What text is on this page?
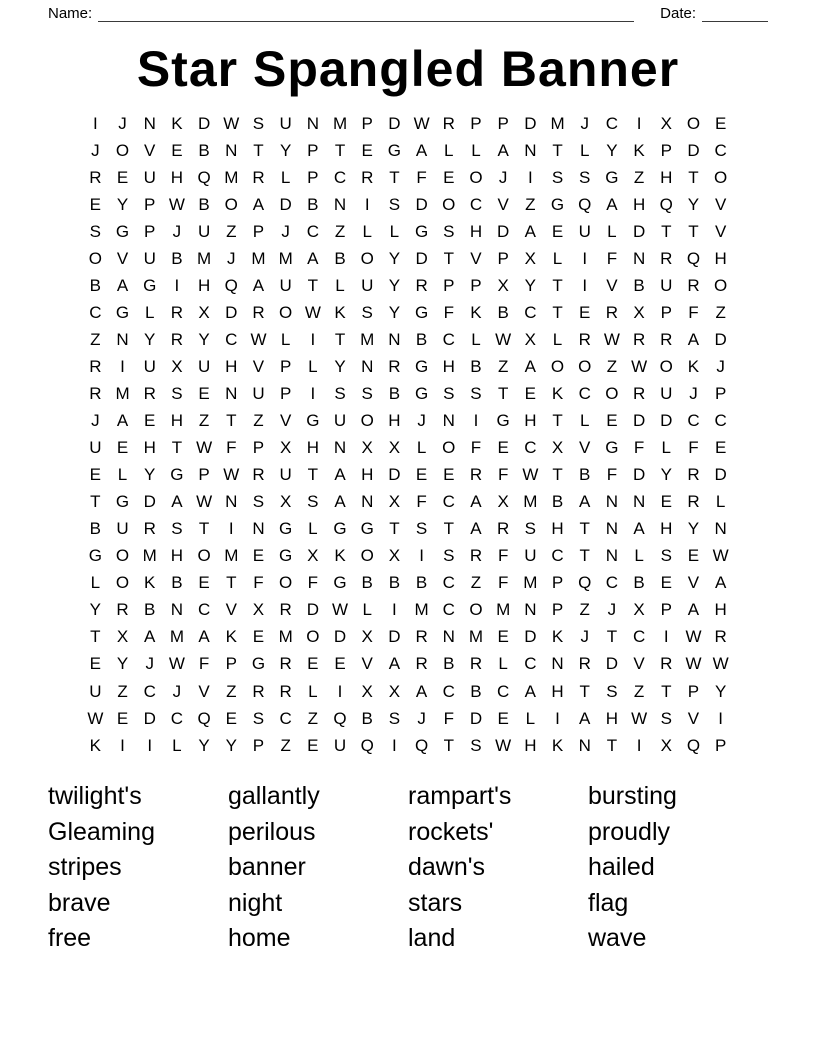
Name:	Date:
Star Spangled Banner
I	J N K D W S U N M P D W R P P D M J C	I	X O E
J O V E B N T Y P T E G A L	L A N T	L Y K P D C
R E U H Q M R L P C R T F E O J	I	S S G Z H T O
E Y P W B O A D B N	I	S D O C V Z G Q A H Q Y V
S G P	J U Z P	J C Z	L	L G S H D A E U L D T T V
O V U B M J M M A B O Y D T V P X L	I	F N R Q H
B A G	I	H Q A U T	L U Y R P P X Y T	I	V B U R O
C G L R X D R O W K S Y G F K B C T E R X P F Z
Z N Y R Y C W L	I	T M N B C L W X L R W R R A D
R	I	U X U H V P L Y N R G H B Z A O O Z W O K	J
R M R S E N U P	I	S S B G S S T E K C O R U J	P
J	A E H Z T Z V G U O H J N	I	G H T	L E D D C C
U E H T W F P X H N X X L O F E C X V G F	L	F E
E L Y G P W R U T A H D E E R F W T B F D Y R D
T G D A W N S X S A N X F C A X M B A N N E R L
B U R S T	I	N G L G G T S T A R S H T N A H Y N
G O M H O M E G X K O X	I	S R F U C T N L S E W
L O K B E T F O F G B B B C Z F M P Q C B E V A
Y R B N C V X R D W L	I	M C O M N P Z	J	X P A H
T X A M A K E M O D X D R N M E D K	J	T C	I W R
E Y	J W F P G R E E V A R B R L C N R D V R W W
U Z C J	V Z R R L	I	X X A C B C A H T S Z T P Y
W E D C Q E S C Z Q B S	J	F D E L	I	A H W S V	I
K	I	I	L Y Y P Z E U Q	I	Q T S W H K N T	I	X Q P
twilight's
Gleaming
stripes
brave
free
gallantly
perilous
banner
night
home
rampart's
rockets'
dawn's
stars
land
bursting
proudly
hailed
flag
wave
